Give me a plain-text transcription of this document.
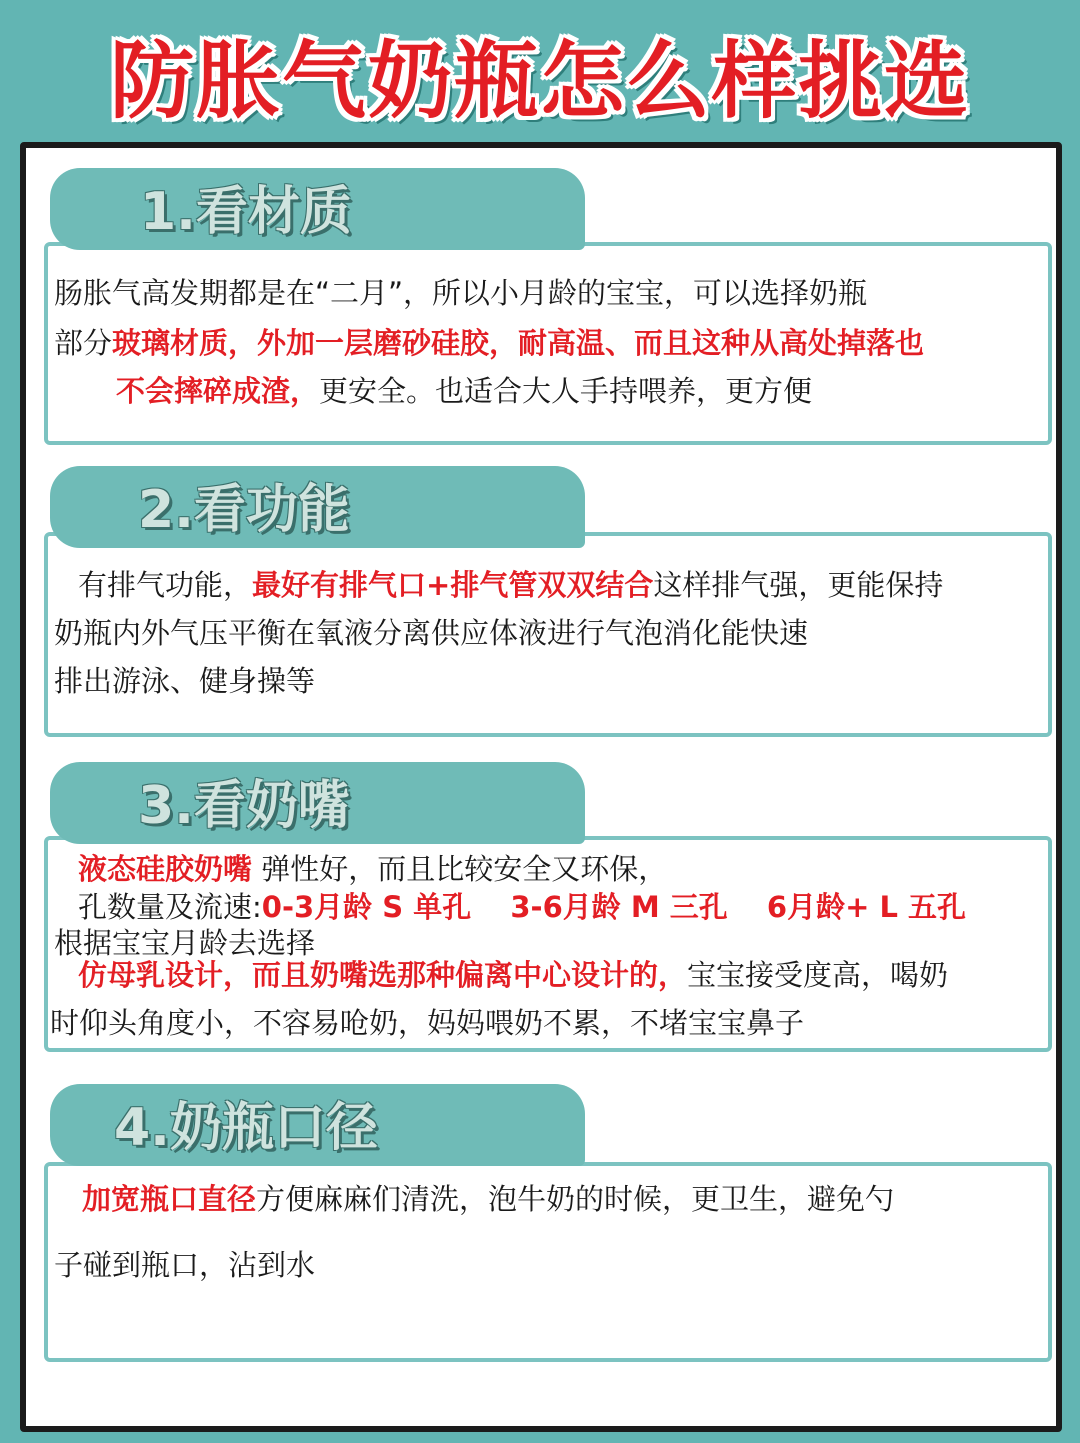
防胀气奶瓶怎么样挑选
肠胀气高发期都是在“二月”，所以小月龄的宝宝，可以选择奶瓶
部分玻璃材质，外加一层磨砂硅胶，耐高温、而且这种从高处掉落也
不会摔碎成渣，更安全。也适合大人手持喂养，更方便
1.看材质
有排气功能，最好有排气口+排气管双双结合这样排气强，更能保持
奶瓶内外气压平衡在氧液分离供应体液进行气泡消化能快速
排出游泳、健身操等
2.看功能
液态硅胶奶嘴 弹性好，而且比较安全又环保，
孔数量及流速:0-3月龄 S 单孔　 3-6月龄 M 三孔　 6月龄+ L 五孔
根据宝宝月龄去选择
仿母乳设计，而且奶嘴选那种偏离中心设计的，宝宝接受度高，喝奶
时仰头角度小，不容易呛奶，妈妈喂奶不累，不堵宝宝鼻子
3.看奶嘴
加宽瓶口直径方便麻麻们清洗，泡牛奶的时候，更卫生，避免勺
子碰到瓶口，沾到水
4.奶瓶口径
